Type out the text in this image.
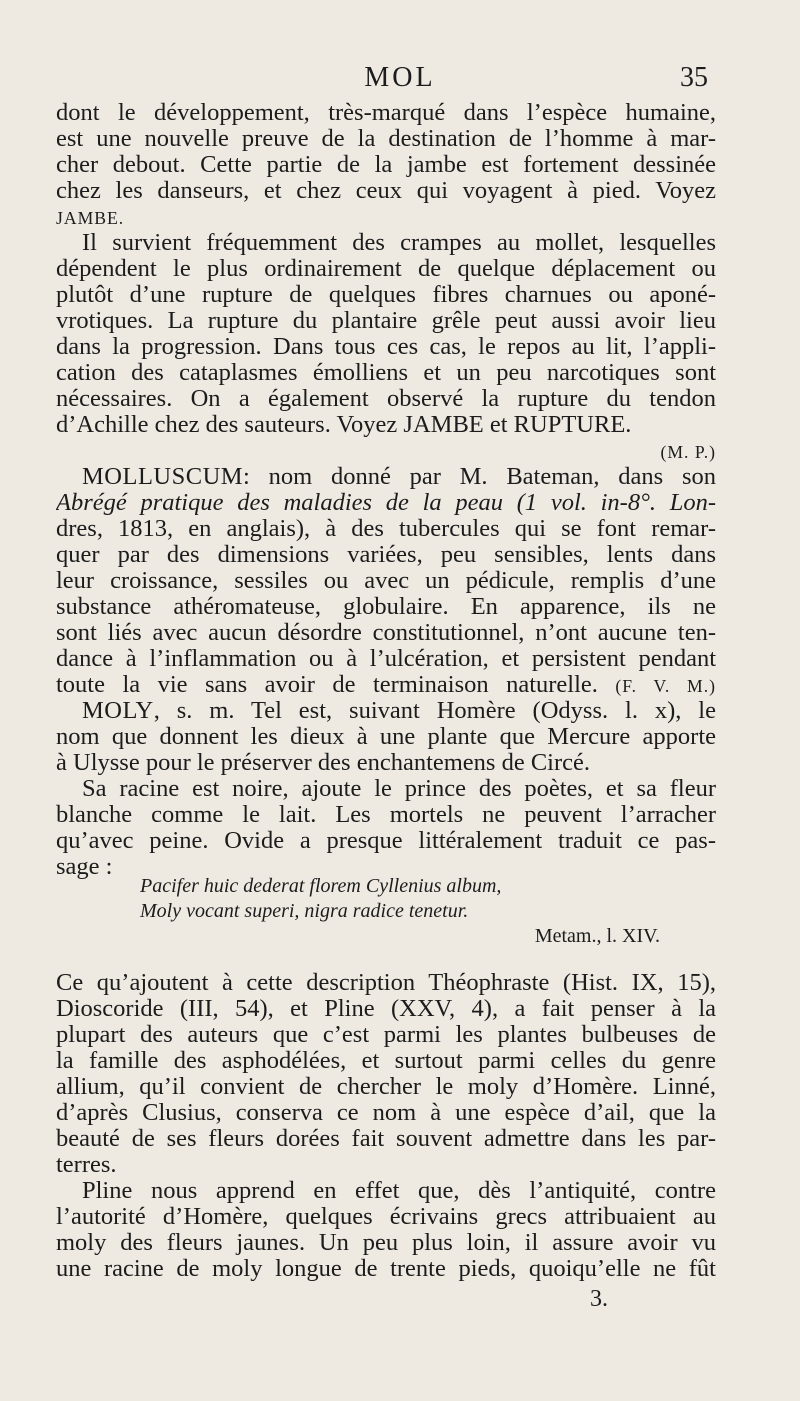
MOL	35
dont le développement, très-marqué dans l’espèce humaine,
est une nouvelle preuve de la destination de l’homme à mar-
cher debout. Cette partie de la jambe est fortement dessinée
chez les danseurs, et chez ceux qui voyagent à pied. Voyez
JAMBE.
Il survient fréquemment des crampes au mollet, lesquelles
dépendent le plus ordinairement de quelque déplacement ou
plutôt d’une rupture de quelques fibres charnues ou aponé-
vrotiques. La rupture du plantaire grêle peut aussi avoir lieu
dans la progression. Dans tous ces cas, le repos au lit, l’appli-
cation des cataplasmes émolliens et un peu narcotiques sont
nécessaires. On a également observé la rupture du tendon
d’Achille chez des sauteurs. Voyez JAMBE et RUPTURE.
(M. P.)
MOLLUSCUM: nom donné par M. Bateman, dans son
Abrégé pratique des maladies de la peau (1 vol. in-8°. Lon-
dres, 1813, en anglais), à des tubercules qui se font remar-
quer par des dimensions variées, peu sensibles, lents dans
leur croissance, sessiles ou avec un pédicule, remplis d’une
substance athéromateuse, globulaire. En apparence, ils ne
sont liés avec aucun désordre constitutionnel, n’ont aucune ten-
dance à l’inflammation ou à l’ulcération, et persistent pendant
toute la vie sans avoir de terminaison naturelle. (F. V. M.)
MOLY, s. m. Tel est, suivant Homère (Odyss. l. x), le
nom que donnent les dieux à une plante que Mercure apporte
à Ulysse pour le préserver des enchantemens de Circé.
Sa racine est noire, ajoute le prince des poètes, et sa fleur
blanche comme le lait. Les mortels ne peuvent l’arracher
qu’avec peine. Ovide a presque littéralement traduit ce pas-
sage :
Pacifer huic dederat florem Cyllenius album,
Moly vocant superi, nigra radice tenetur.
Metam., l. XIV.
Ce qu’ajoutent à cette description Théophraste (Hist. IX, 15),
Dioscoride (III, 54), et Pline (XXV, 4), a fait penser à la
plupart des auteurs que c’est parmi les plantes bulbeuses de
la famille des asphodélées, et surtout parmi celles du genre
allium, qu’il convient de chercher le moly d’Homère. Linné,
d’après Clusius, conserva ce nom à une espèce d’ail, que la
beauté de ses fleurs dorées fait souvent admettre dans les par-
terres.
Pline nous apprend en effet que, dès l’antiquité, contre
l’autorité d’Homère, quelques écrivains grecs attribuaient au
moly des fleurs jaunes. Un peu plus loin, il assure avoir vu
une racine de moly longue de trente pieds, quoiqu’elle ne fût
3.
